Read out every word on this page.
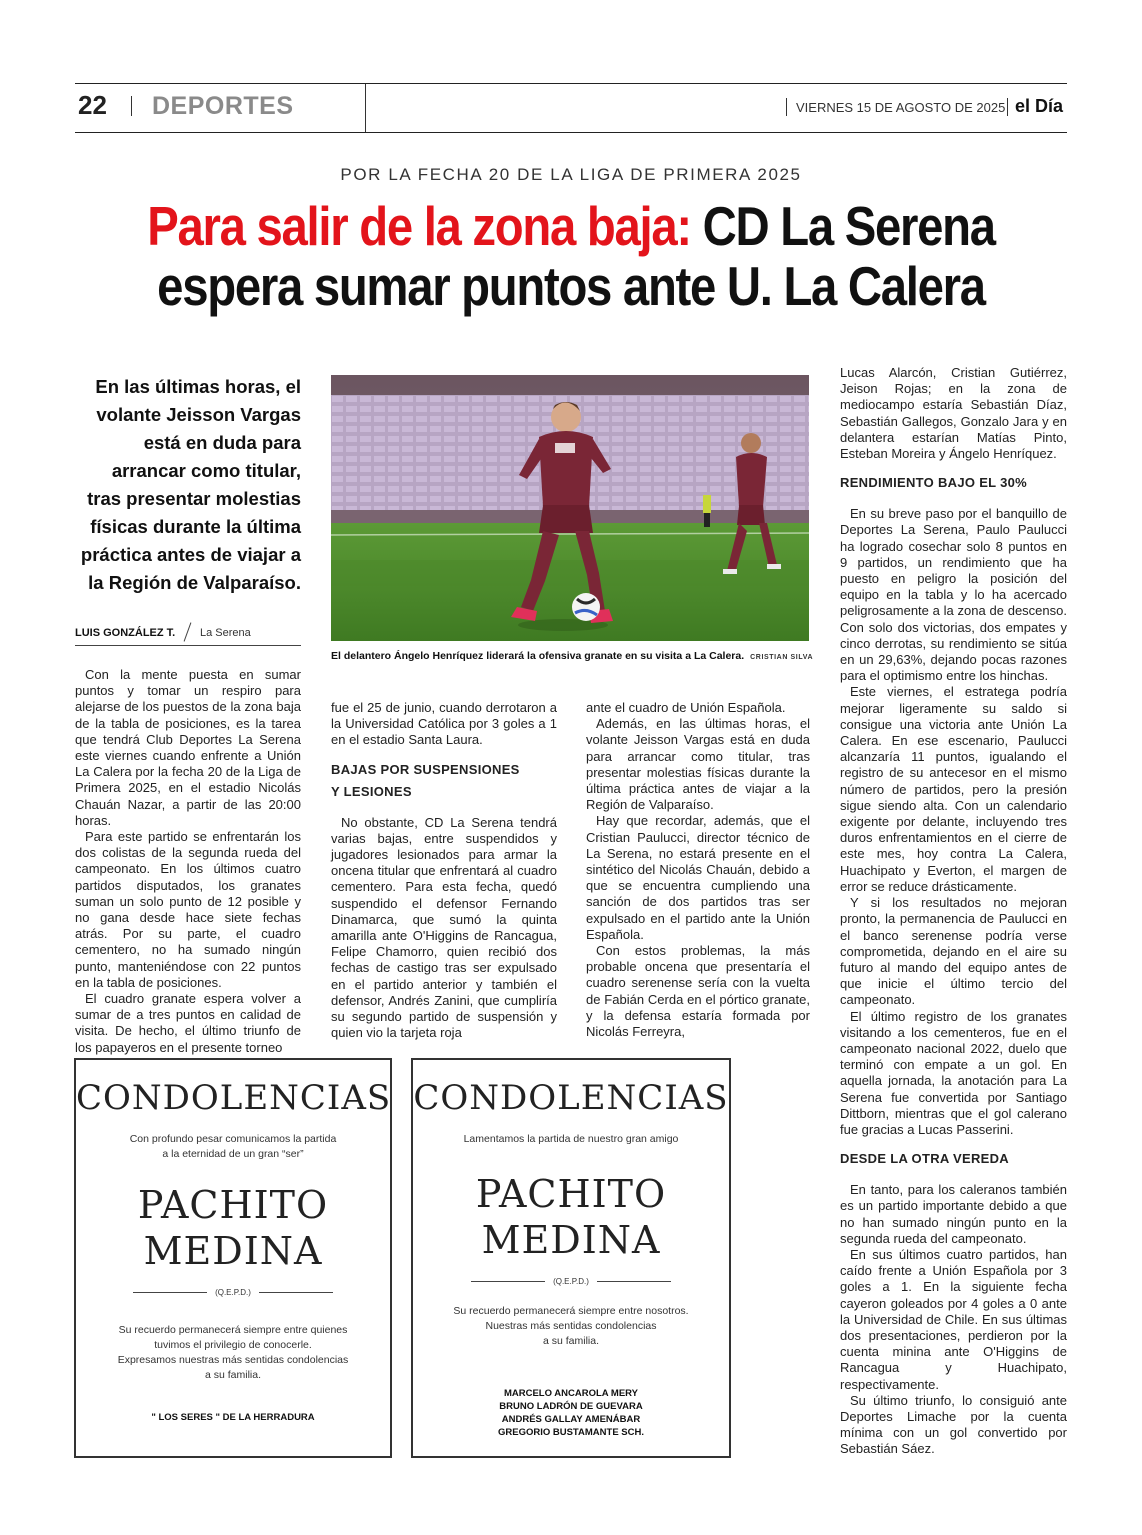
22 DEPORTES	VIERNES 15 DE AGOSTO DE 2025 el Día
POR LA FECHA 20 DE LA LIGA DE PRIMERA 2025
Para salir de la zona baja: CD La Serena espera sumar puntos ante U. La Calera
En las últimas horas, el volante Jeisson Vargas está en duda para arrancar como titular, tras presentar molestias físicas durante la última práctica antes de viajar a la Región de Valparaíso.
LUIS GONZÁLEZ T. La Serena
El delantero Ángelo Henríquez liderará la ofensiva granate en su visita a La Calera. CRISTIAN SILVA

Con la mente puesta en sumar puntos y tomar un respiro para alejarse de los puestos de la zona baja de la tabla de posiciones, es la tarea que tendrá Club Deportes La Serena este viernes cuando enfrente a Unión La Calera por la fecha 20 de la Liga de Primera 2025, en el estadio Nicolás Chauán Nazar, a partir de las 20:00 horas.

Para este partido se enfrentarán los dos colistas de la segunda rueda del campeonato. En los últimos cuatro partidos disputados, los granates suman un solo punto de 12 posible y no gana desde hace siete fechas atrás. Por su parte, el cuadro cementero, no ha sumado ningún punto, manteniéndose con 22 puntos en la tabla de posiciones.

El cuadro granate espera volver a sumar de a tres puntos en calidad de visita. De hecho, el último triunfo de los papayeros en el presente torneo

fue el 25 de junio, cuando derrotaron a la Universidad Católica por 3 goles a 1 en el estadio Santa Laura.

BAJAS POR SUSPENSIONES
Y LESIONES

No obstante, CD La Serena tendrá varias bajas, entre suspendidos y jugadores lesionados para armar la oncena titular que enfrentará al cuadro cementero. Para esta fecha, quedó suspendido el defensor Fernando Dinamarca, que sumó la quinta amarilla ante O'Higgins de Rancagua, Felipe Chamorro, quien recibió dos fechas de castigo tras ser expulsado en el partido anterior y también el defensor, Andrés Zanini, que cumpliría su segundo partido de suspensión y quien vio la tarjeta roja

ante el cuadro de Unión Española.

Además, en las últimas horas, el volante Jeisson Vargas está en duda para arrancar como titular, tras presentar molestias físicas durante la última práctica antes de viajar a la Región de Valparaíso.

Hay que recordar, además, que el Cristian Paulucci, director técnico de La Serena, no estará presente en el sintético del Nicolás Chauán, debido a que se encuentra cumpliendo una sanción de dos partidos tras ser expulsado en el partido ante la Unión Española.

Con estos problemas, la más probable oncena que presentaría el cuadro serenense sería con la vuelta de Fabián Cerda en el pórtico granate, y la defensa estaría formada por Nicolás Ferreyra,

Lucas Alarcón, Cristian Gutiérrez, Jeison Rojas; en la zona de mediocampo estaría Sebastián Díaz, Sebastián Gallegos, Gonzalo Jara y en delantera estarían Matías Pinto, Esteban Moreira y Ángelo Henríquez.

RENDIMIENTO BAJO EL 30%

En su breve paso por el banquillo de Deportes La Serena, Paulo Paulucci ha logrado cosechar solo 8 puntos en 9 partidos, un rendimiento que ha puesto en peligro la posición del equipo en la tabla y lo ha acercado peligrosamente a la zona de descenso. Con solo dos victorias, dos empates y cinco derrotas, su rendimiento se sitúa en un 29,63%, dejando pocas razones para el optimismo entre los hinchas.

Este viernes, el estratega podría mejorar ligeramente su saldo si consigue una victoria ante Unión La Calera. En ese escenario, Paulucci alcanzaría 11 puntos, igualando el registro de su antecesor en el mismo número de partidos, pero la presión sigue siendo alta. Con un calendario exigente por delante, incluyendo tres duros enfrentamientos en el cierre de este mes, hoy contra La Calera, Huachipato y Everton, el margen de error se reduce drásticamente.

Y si los resultados no mejoran pronto, la permanencia de Paulucci en el banco serenense podría verse comprometida, dejando en el aire su futuro al mando del equipo antes de que inicie el último tercio del campeonato.

El último registro de los granates visitando a los cementeros, fue en el campeonato nacional 2022, duelo que terminó con empate a un gol. En aquella jornada, la anotación para La Serena fue convertida por Santiago Dittborn, mientras que el gol calerano fue gracias a Lucas Passerini.

DESDE LA OTRA VEREDA

En tanto, para los caleranos también es un partido importante debido a que no han sumado ningún punto en la segunda rueda del campeonato.

En sus últimos cuatro partidos, han caído frente a Unión Española por 3 goles a 1. En la siguiente fecha cayeron goleados por 4 goles a 0 ante la Universidad de Chile. En sus últimas dos presentaciones, perdieron por la cuenta minina ante O'Higgins de Rancagua y Huachipato, respectivamente.

Su último triunfo, lo consiguió ante Deportes Limache por la cuenta mínima con un gol convertido por Sebastián Sáez.

CONDOLENCIAS
Con profundo pesar comunicamos la partida
a la eternidad de un gran “ser”
PACHITO
MEDINA
(Q.E.P.D.)
Su recuerdo permanecerá siempre entre quienes
tuvimos el privilegio de conocerle.
Expresamos nuestras más sentidas condolencias
a su familia.
" LOS SERES " DE LA HERRADURA
CONDOLENCIAS
Lamentamos la partida de nuestro gran amigo
PACHITO
MEDINA
(Q.E.P.D.)
Su recuerdo permanecerá siempre entre nosotros.
Nuestras más sentidas condolencias
a su familia.
MARCELO ANCAROLA MERY
BRUNO LADRÓN DE GUEVARA
ANDRÉS GALLAY AMENÁBAR
GREGORIO BUSTAMANTE SCH.
